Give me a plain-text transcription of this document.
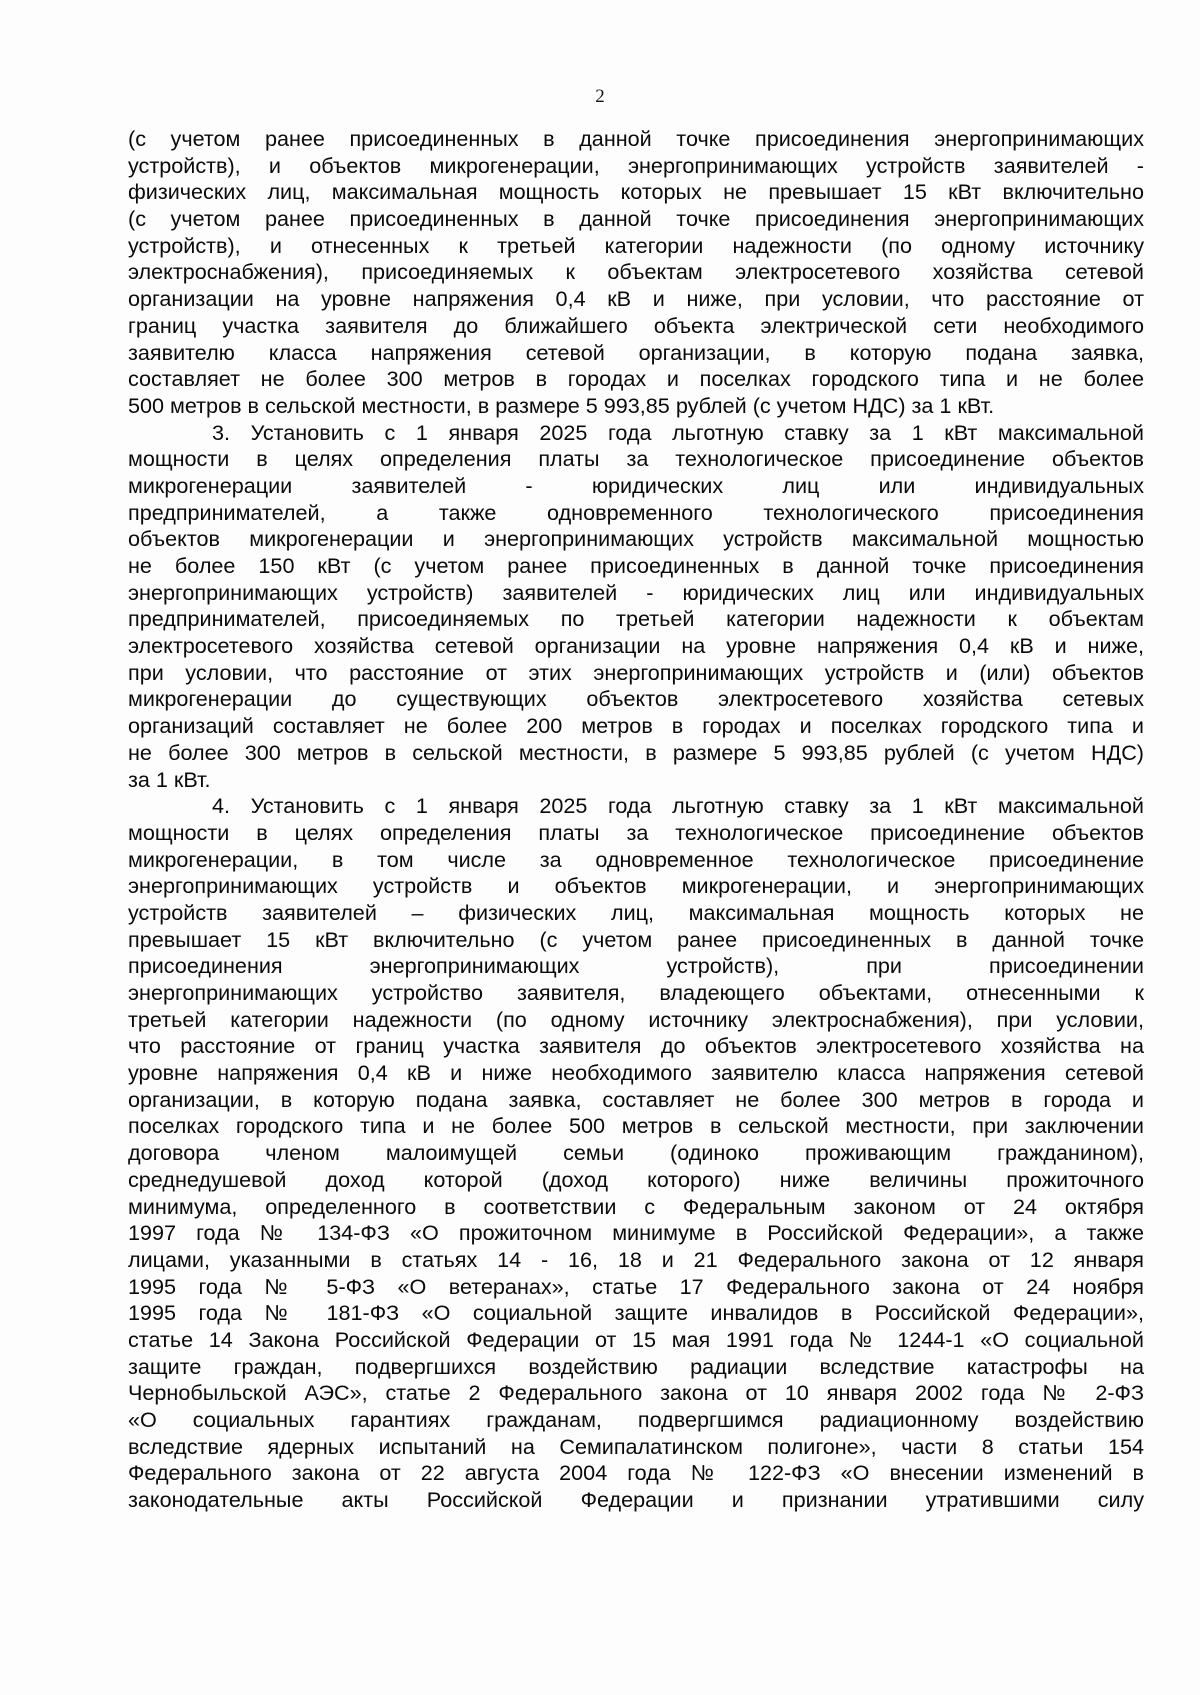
2
(с учетом ранее присоединенных в данной точке присоединения энергопринимающих
устройств), и объектов микрогенерации, энергопринимающих устройств заявителей -
физических лиц, максимальная мощность которых не превышает 15 кВт включительно
(с учетом ранее присоединенных в данной точке присоединения энергопринимающих
устройств), и отнесенных к третьей категории надежности (по одному источнику
электроснабжения), присоединяемых к объектам электросетевого хозяйства сетевой
организации на уровне напряжения 0,4 кВ и ниже, при условии, что расстояние от
границ участка заявителя до ближайшего объекта электрической сети необходимого
заявителю класса напряжения сетевой организации, в которую подана заявка,
составляет не более 300 метров в городах и поселках городского типа и не более
500 метров в сельской местности, в размере 5 993,85 рублей (с учетом НДС) за 1 кВт.
3. Установить с 1 января 2025 года льготную ставку за 1 кВт максимальной
мощности в целях определения платы за технологическое присоединение объектов
микрогенерации заявителей - юридических лиц или индивидуальных
предпринимателей, а также одновременного технологического присоединения
объектов микрогенерации и энергопринимающих устройств максимальной мощностью
не более 150 кВт (с учетом ранее присоединенных в данной точке присоединения
энергопринимающих устройств) заявителей - юридических лиц или индивидуальных
предпринимателей, присоединяемых по третьей категории надежности к объектам
электросетевого хозяйства сетевой организации на уровне напряжения 0,4 кВ и ниже,
при условии, что расстояние от этих энергопринимающих устройств и (или) объектов
микрогенерации до существующих объектов электросетевого хозяйства сетевых
организаций составляет не более 200 метров в городах и поселках городского типа и
не более 300 метров в сельской местности, в размере 5 993,85 рублей (с учетом НДС)
за 1 кВт.
4. Установить с 1 января 2025 года льготную ставку за 1 кВт максимальной
мощности в целях определения платы за технологическое присоединение объектов
микрогенерации, в том числе за одновременное технологическое присоединение
энергопринимающих устройств и объектов микрогенерации, и энергопринимающих
устройств заявителей – физических лиц, максимальная мощность которых не
превышает 15 кВт включительно (с учетом ранее присоединенных в данной точке
присоединения энергопринимающих устройств), при присоединении
энергопринимающих устройство заявителя, владеющего объектами, отнесенными к
третьей категории надежности (по одному источнику электроснабжения), при условии,
что расстояние от границ участка заявителя до объектов электросетевого хозяйства на
уровне напряжения 0,4 кВ и ниже необходимого заявителю класса напряжения сетевой
организации, в которую подана заявка, составляет не более 300 метров в города и
поселках городского типа и не более 500 метров в сельской местности, при заключении
договора членом малоимущей семьи (одиноко проживающим гражданином),
среднедушевой доход которой (доход которого) ниже величины прожиточного
минимума, определенного в соответствии с Федеральным законом от 24 октября
1997 года № 134-ФЗ «О прожиточном минимуме в Российской Федерации», а также
лицами, указанными в статьях 14 - 16, 18 и 21 Федерального закона от 12 января
1995 года № 5-ФЗ «О ветеранах», статье 17 Федерального закона от 24 ноября
1995 года № 181-ФЗ «О социальной защите инвалидов в Российской Федерации»,
статье 14 Закона Российской Федерации от 15 мая 1991 года № 1244-1 «О социальной
защите граждан, подвергшихся воздействию радиации вследствие катастрофы на
Чернобыльской АЭС», статье 2 Федерального закона от 10 января 2002 года № 2-ФЗ
«О социальных гарантиях гражданам, подвергшимся радиационному воздействию
вследствие ядерных испытаний на Семипалатинском полигоне», части 8 статьи 154
Федерального закона от 22 августа 2004 года № 122-ФЗ «О внесении изменений в
законодательные акты Российской Федерации и признании утратившими силу
